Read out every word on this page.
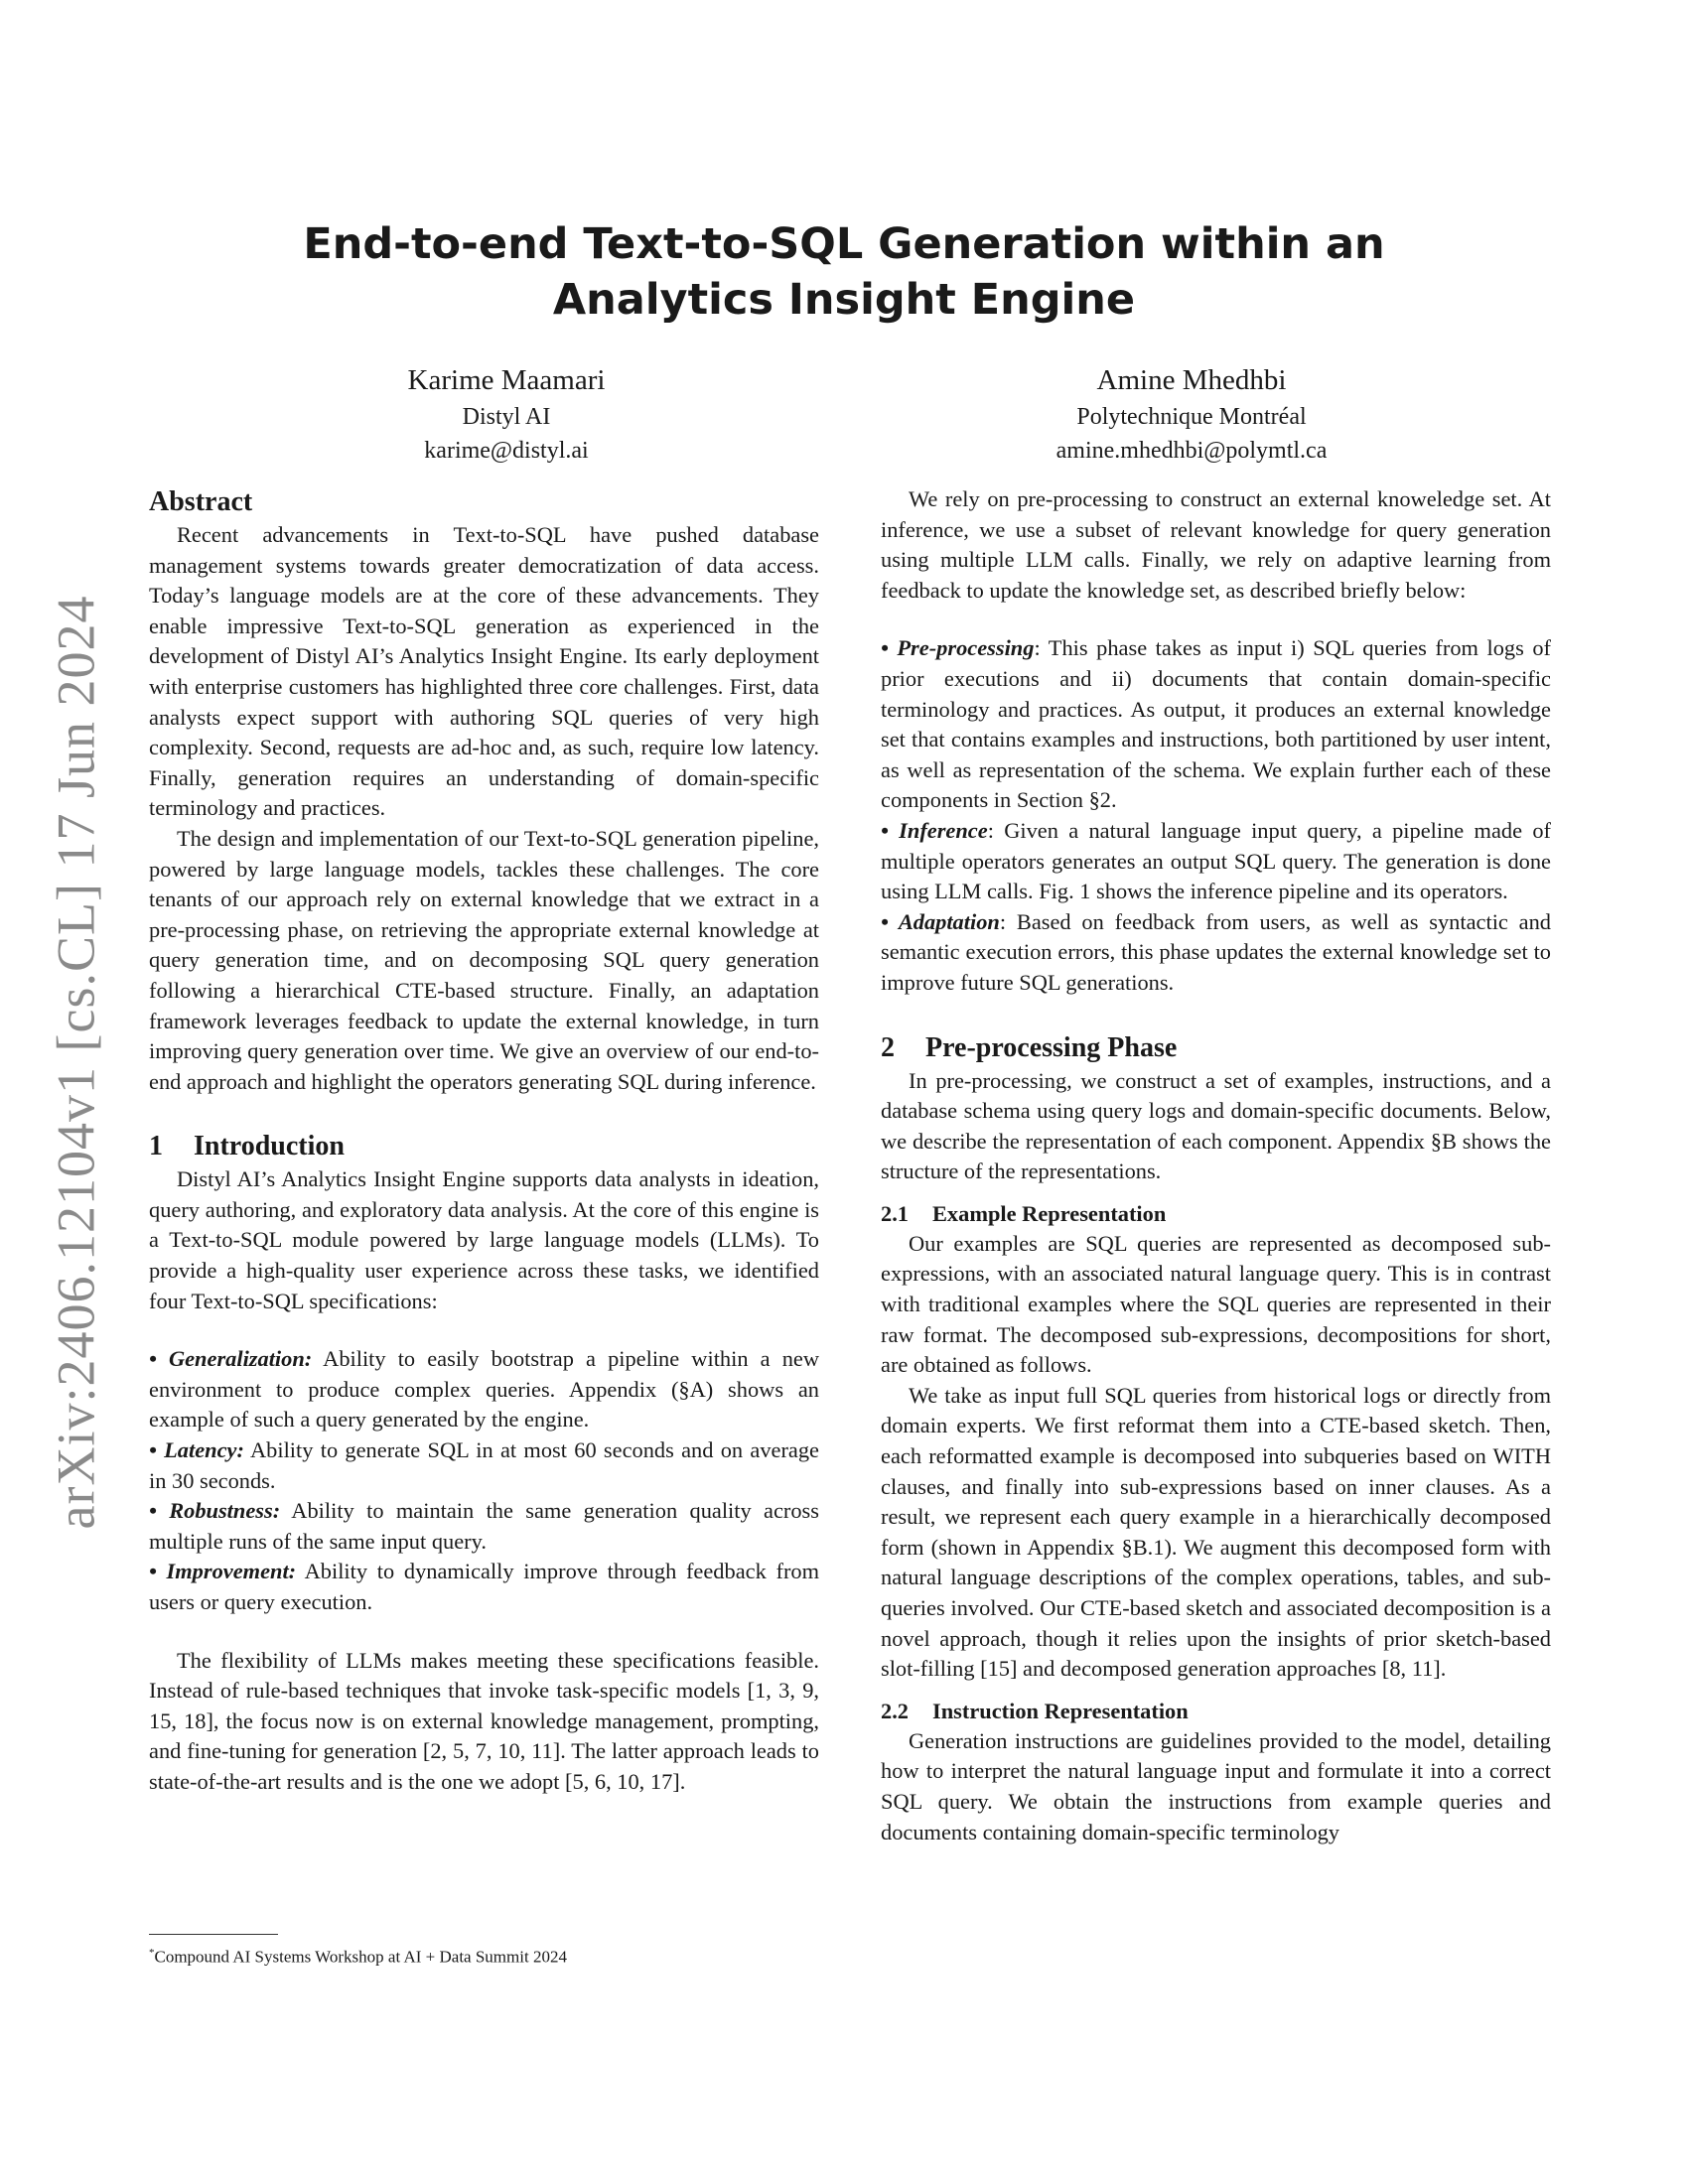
arXiv:2406.12104v1 [cs.CL] 17 Jun 2024
End-to-end Text-to-SQL Generation within an
Analytics Insight Engine
Karime Maamari
Distyl AI
karime@distyl.ai
Amine Mhedhbi
Polytechnique Montréal
amine.mhedhbi@polymtl.ca
Abstract

Recent advancements in Text-to-SQL have pushed database management systems towards greater democratization of data access. Today’s language models are at the core of these advancements. They enable impressive Text-to-SQL generation as experienced in the development of Distyl AI’s Analytics Insight Engine. Its early deployment with enterprise customers has highlighted three core challenges. First, data analysts expect support with authoring SQL queries of very high complexity. Second, requests are ad-hoc and, as such, require low latency. Finally, generation requires an understanding of domain-specific terminology and practices.

The design and implementation of our Text-to-SQL generation pipeline, powered by large language models, tackles these challenges. The core tenants of our approach rely on external knowledge that we extract in a pre-processing phase, on retrieving the appropriate external knowledge at query generation time, and on decomposing SQL query generation following a hierarchical CTE-based structure. Finally, an adaptation framework leverages feedback to update the external knowledge, in turn improving query generation over time. We give an overview of our end-to-end approach and highlight the operators generating SQL during inference.

1 Introduction

Distyl AI’s Analytics Insight Engine supports data analysts in ideation, query authoring, and exploratory data analysis. At the core of this engine is a Text-to-SQL module powered by large language models (LLMs). To provide a high-quality user experience across these tasks, we identified four Text-to-SQL specifications:

• Generalization: Ability to easily bootstrap a pipeline within a new environment to produce complex queries. Appendix (§A) shows an example of such a query generated by the engine.

• Latency: Ability to generate SQL in at most 60 seconds and on average in 30 seconds.

• Robustness: Ability to maintain the same generation quality across multiple runs of the same input query.

• Improvement: Ability to dynamically improve through feedback from users or query execution.

The flexibility of LLMs makes meeting these specifications feasible. Instead of rule-based techniques that invoke task-specific models [1, 3, 9, 15, 18], the focus now is on external knowledge management, prompting, and fine-tuning for generation [2, 5, 7, 10, 11]. The latter approach leads to state-of-the-art results and is the one we adopt [5, 6, 10, 17].

*Compound AI Systems Workshop at AI + Data Summit 2024

We rely on pre-processing to construct an external knoweledge set. At inference, we use a subset of relevant knowledge for query generation using multiple LLM calls. Finally, we rely on adaptive learning from feedback to update the knowledge set, as described briefly below:

• Pre-processing: This phase takes as input i) SQL queries from logs of prior executions and ii) documents that contain domain-specific terminology and practices. As output, it produces an external knowledge set that contains examples and instructions, both partitioned by user intent, as well as representation of the schema. We explain further each of these components in Section §2.

• Inference: Given a natural language input query, a pipeline made of multiple operators generates an output SQL query. The generation is done using LLM calls. Fig. 1 shows the inference pipeline and its operators.

• Adaptation: Based on feedback from users, as well as syntactic and semantic execution errors, this phase updates the external knowledge set to improve future SQL generations.

2 Pre-processing Phase

In pre-processing, we construct a set of examples, instructions, and a database schema using query logs and domain-specific documents. Below, we describe the representation of each component. Appendix §B shows the structure of the representations.

2.1 Example Representation

Our examples are SQL queries are represented as decomposed sub-expressions, with an associated natural language query. This is in contrast with traditional examples where the SQL queries are represented in their raw format. The decomposed sub-expressions, decompositions for short, are obtained as follows.

We take as input full SQL queries from historical logs or directly from domain experts. We first reformat them into a CTE-based sketch. Then, each reformatted example is decomposed into subqueries based on WITH clauses, and finally into sub-expressions based on inner clauses. As a result, we represent each query example in a hierarchically decomposed form (shown in Appendix §B.1). We augment this decomposed form with natural language descriptions of the complex operations, tables, and sub-queries involved. Our CTE-based sketch and associated decomposition is a novel approach, though it relies upon the insights of prior sketch-based slot-filling [15] and decomposed generation approaches [8, 11].

2.2 Instruction Representation

Generation instructions are guidelines provided to the model, detailing how to interpret the natural language input and formulate it into a correct SQL query. We obtain the instructions from example queries and documents containing domain-specific terminology
